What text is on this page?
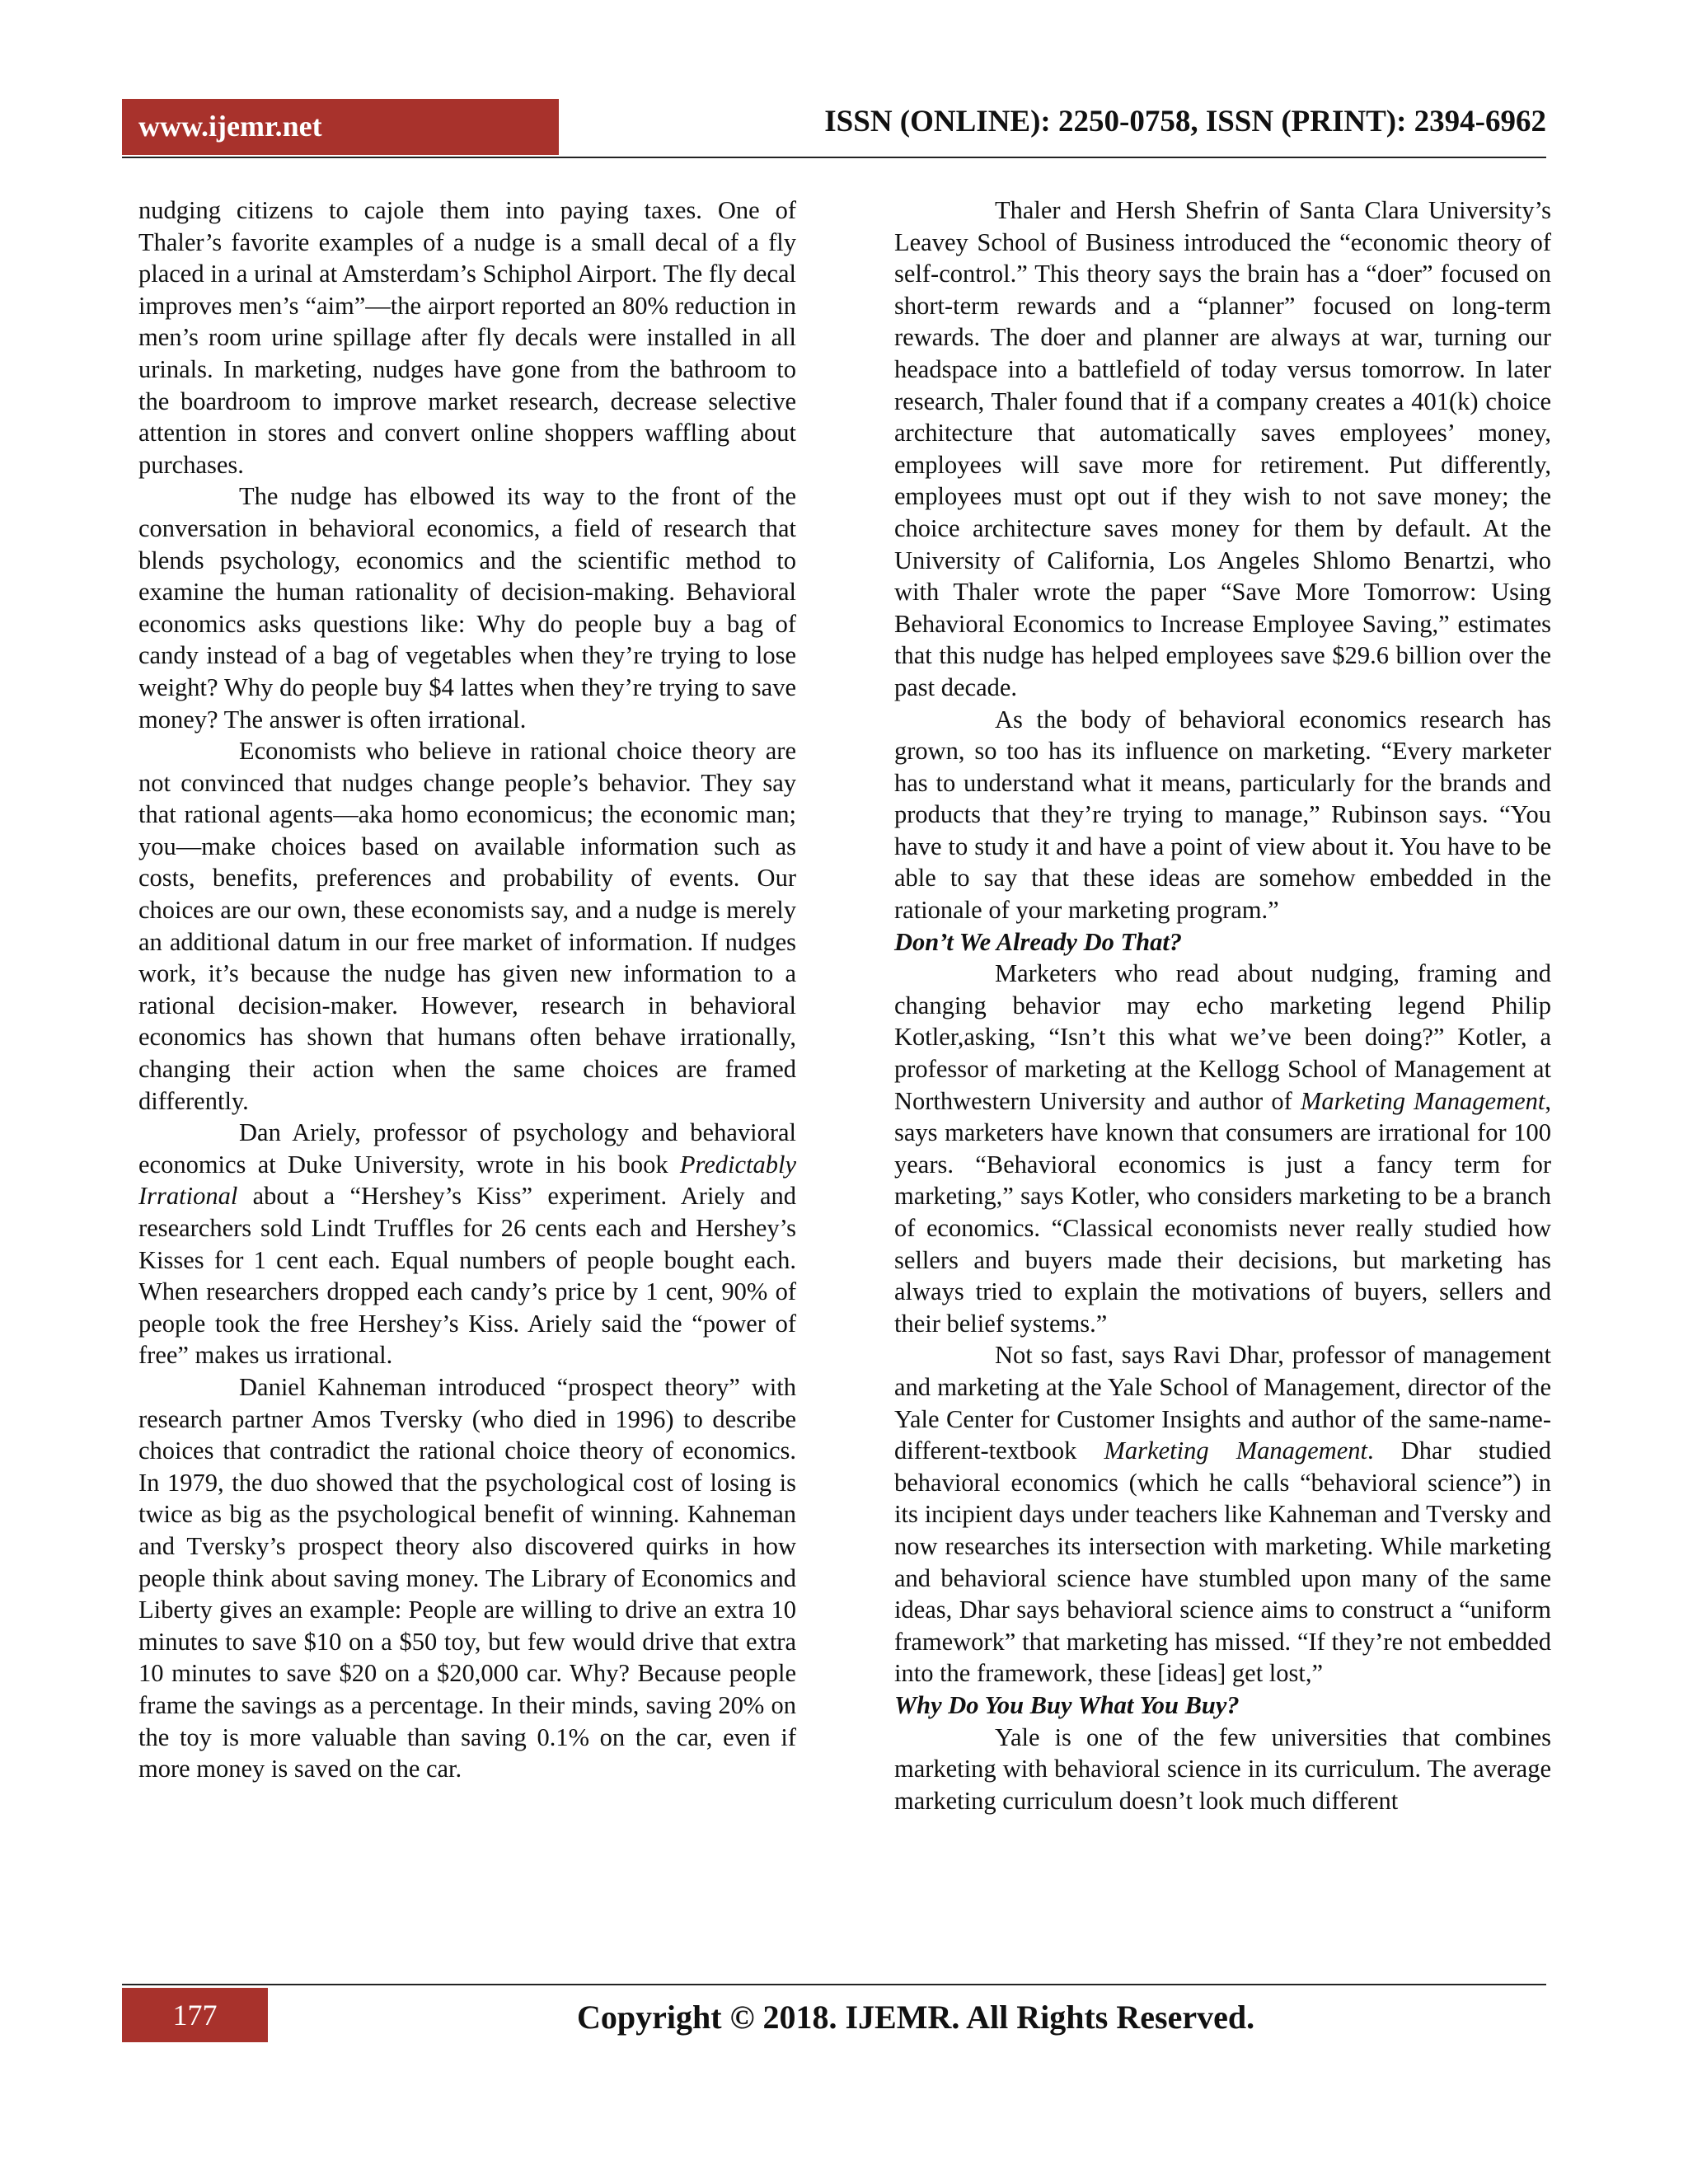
www.ijemr.net	ISSN (ONLINE): 2250-0758, ISSN (PRINT): 2394-6962

nudging citizens to cajole them into paying taxes. One of Thaler’s favorite examples of a nudge is a small decal of a fly placed in a urinal at Amsterdam’s Schiphol Airport. The fly decal improves men’s “aim”—the airport reported an 80% reduction in men’s room urine spillage after fly decals were installed in all urinals. In marketing, nudges have gone from the bathroom to the boardroom to improve market research, decrease selective attention in stores and convert online shoppers waffling about purchases.

The nudge has elbowed its way to the front of the conversation in behavioral economics, a field of research that blends psychology, economics and the scientific method to examine the human rationality of decision-making. Behavioral economics asks questions like: Why do people buy a bag of candy instead of a bag of vegetables when they’re trying to lose weight? Why do people buy $4 lattes when they’re trying to save money? The answer is often irrational.

Economists who believe in rational choice theory are not convinced that nudges change people’s behavior. They say that rational agents—aka homo economicus; the economic man; you—make choices based on available information such as costs, benefits, preferences and probability of events. Our choices are our own, these economists say, and a nudge is merely an additional datum in our free market of information. If nudges work, it’s because the nudge has given new information to a rational decision-maker. However, research in behavioral economics has shown that humans often behave irrationally, changing their action when the same choices are framed differently.

Dan Ariely, professor of psychology and behavioral economics at Duke University, wrote in his book Predictably Irrational about a “Hershey’s Kiss” experiment. Ariely and researchers sold Lindt Truffles for 26 cents each and Hershey’s Kisses for 1 cent each. Equal numbers of people bought each. When researchers dropped each candy’s price by 1 cent, 90% of people took the free Hershey’s Kiss. Ariely said the “power of free” makes us irrational.

Daniel Kahneman introduced “prospect theory” with research partner Amos Tversky (who died in 1996) to describe choices that contradict the rational choice theory of economics. In 1979, the duo showed that the psychological cost of losing is twice as big as the psychological benefit of winning. Kahneman and Tversky’s prospect theory also discovered quirks in how people think about saving money. The Library of Economics and Liberty gives an example: People are willing to drive an extra 10 minutes to save $10 on a $50 toy, but few would drive that extra 10 minutes to save $20 on a $20,000 car. Why? Because people frame the savings as a percentage. In their minds, saving 20% on the toy is more valuable than saving 0.1% on the car, even if more money is saved on the car.

Thaler and Hersh Shefrin of Santa Clara University’s Leavey School of Business introduced the “economic theory of self-control.” This theory says the brain has a “doer” focused on short-term rewards and a “planner” focused on long-term rewards. The doer and planner are always at war, turning our headspace into a battlefield of today versus tomorrow. In later research, Thaler found that if a company creates a 401(k) choice architecture that automatically saves employees’ money, employees will save more for retirement. Put differently, employees must opt out if they wish to not save money; the choice architecture saves money for them by default. At the University of California, Los Angeles Shlomo Benartzi, who with Thaler wrote the paper “Save More Tomorrow: Using Behavioral Economics to Increase Employee Saving,” estimates that this nudge has helped employees save $29.6 billion over the past decade.

As the body of behavioral economics research has grown, so too has its influence on marketing. “Every marketer has to understand what it means, particularly for the brands and products that they’re trying to manage,” Rubinson says. “You have to study it and have a point of view about it. You have to be able to say that these ideas are somehow embedded in the rationale of your marketing program.”

Don’t We Already Do That?

Marketers who read about nudging, framing and changing behavior may echo marketing legend Philip Kotler,asking, “Isn’t this what we’ve been doing?” Kotler, a professor of marketing at the Kellogg School of Management at Northwestern University and author of Marketing Management, says marketers have known that consumers are irrational for 100 years. “Behavioral economics is just a fancy term for marketing,” says Kotler, who considers marketing to be a branch of economics. “Classical economists never really studied how sellers and buyers made their decisions, but marketing has always tried to explain the motivations of buyers, sellers and their belief systems.”

Not so fast, says Ravi Dhar, professor of management and marketing at the Yale School of Management, director of the Yale Center for Customer Insights and author of the same-name-different-textbook Marketing Management. Dhar studied behavioral economics (which he calls “behavioral science”) in its incipient days under teachers like Kahneman and Tversky and now researches its intersection with marketing. While marketing and behavioral science have stumbled upon many of the same ideas, Dhar says behavioral science aims to construct a “uniform framework” that marketing has missed. “If they’re not embedded into the framework, these [ideas] get lost,”

Why Do You Buy What You Buy?

Yale is one of the few universities that combines marketing with behavioral science in its curriculum. The average marketing curriculum doesn’t look much different

177	Copyright © 2018. IJEMR. All Rights Reserved.
